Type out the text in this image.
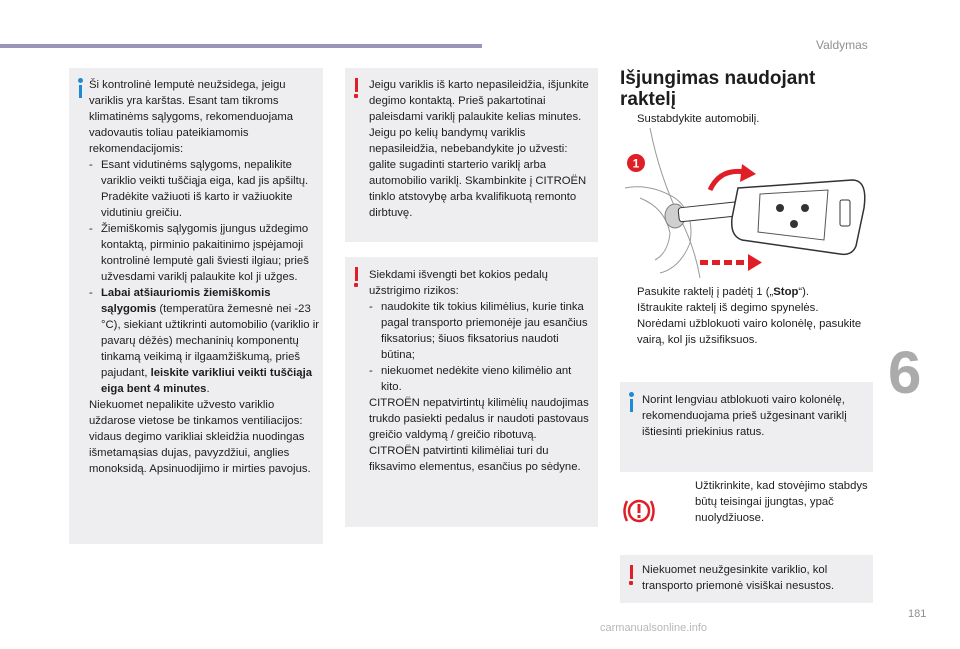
Valdymas
6
181

Ši kontrolinė lemputė neužsidega, jeigu variklis yra karštas. Esant tam tikroms klimatinėms sąlygoms, rekomenduojama vadovautis toliau pateikiamomis rekomendacijomis:

- Esant vidutinėms sąlygoms, nepalikite variklio veikti tuščiąja eiga, kad jis apšiltų. Pradėkite važiuoti iš karto ir važiuokite vidutiniu greičiu.
- Žiemiškomis sąlygomis įjungus uždegimo kontaktą, pirminio pakaitinimo įspėjamoji kontrolinė lemputė gali šviesti ilgiau; prieš užvesdami variklį palaukite kol ji užges.
- Labai atšiauriomis žiemiškomis sąlygomis (temperatūra žemesnė nei -23 °C), siekiant užtikrinti automobilio (variklio ir pavarų dėžės) mechaninių komponentų tinkamą veikimą ir ilgaamžiškumą, prieš pajudant, leiskite varikliui veikti tuščiąja eiga bent 4 minutes.

Niekuomet nepalikite užvesto variklio uždarose vietose be tinkamos ventiliacijos: vidaus degimo varikliai skleidžia nuodingas išmetamąsias dujas, pavyzdžiui, anglies monoksidą. Apsinuodijimo ir mirties pavojus.

Jeigu variklis iš karto nepasileidžia, išjunkite degimo kontaktą. Prieš pakartotinai paleisdami variklį palaukite kelias minutes. Jeigu po kelių bandymų variklis nepasileidžia, nebebandykite jo užvesti: galite sugadinti starterio variklį arba automobilio variklį. Skambinkite į CITROËN tinklo atstovybę arba kvalifikuotą remonto dirbtuvę.

Siekdami išvengti bet kokios pedalų užstrigimo rizikos:

- naudokite tik tokius kilimėlius, kurie tinka pagal transporto priemonėje jau esančius fiksatorius; šiuos fiksatorius naudoti būtina;
- niekuomet nedėkite vieno kilimėlio ant kito.

CITROËN nepatvirtintų kilimėlių naudojimas trukdo pasiekti pedalus ir naudoti pastovaus greičio valdymą / greičio ribotuvą.

CITROËN patvirtinti kilimėliai turi du fiksavimo elementus, esančius po sėdyne.

Išjungimas naudojant
raktelį
Sustabdykite automobilį.
1
Pasukite raktelį į padėtį 1 („Stop“).
Ištraukite raktelį iš degimo spynelės.
Norėdami užblokuoti vairo kolonėlę, pasukite vairą, kol jis užsifiksuos.

Norint lengviau atblokuoti vairo kolonėlę, rekomenduojama prieš užgesinant variklį ištiesinti priekinius ratus.

Užtikrinkite, kad stovėjimo stabdys būtų teisingai įjungtas, ypač nuolydžiuose.

Niekuomet neužgesinkite variklio, kol transporto priemonė visiškai nesustos.

carmanualsonline.info
